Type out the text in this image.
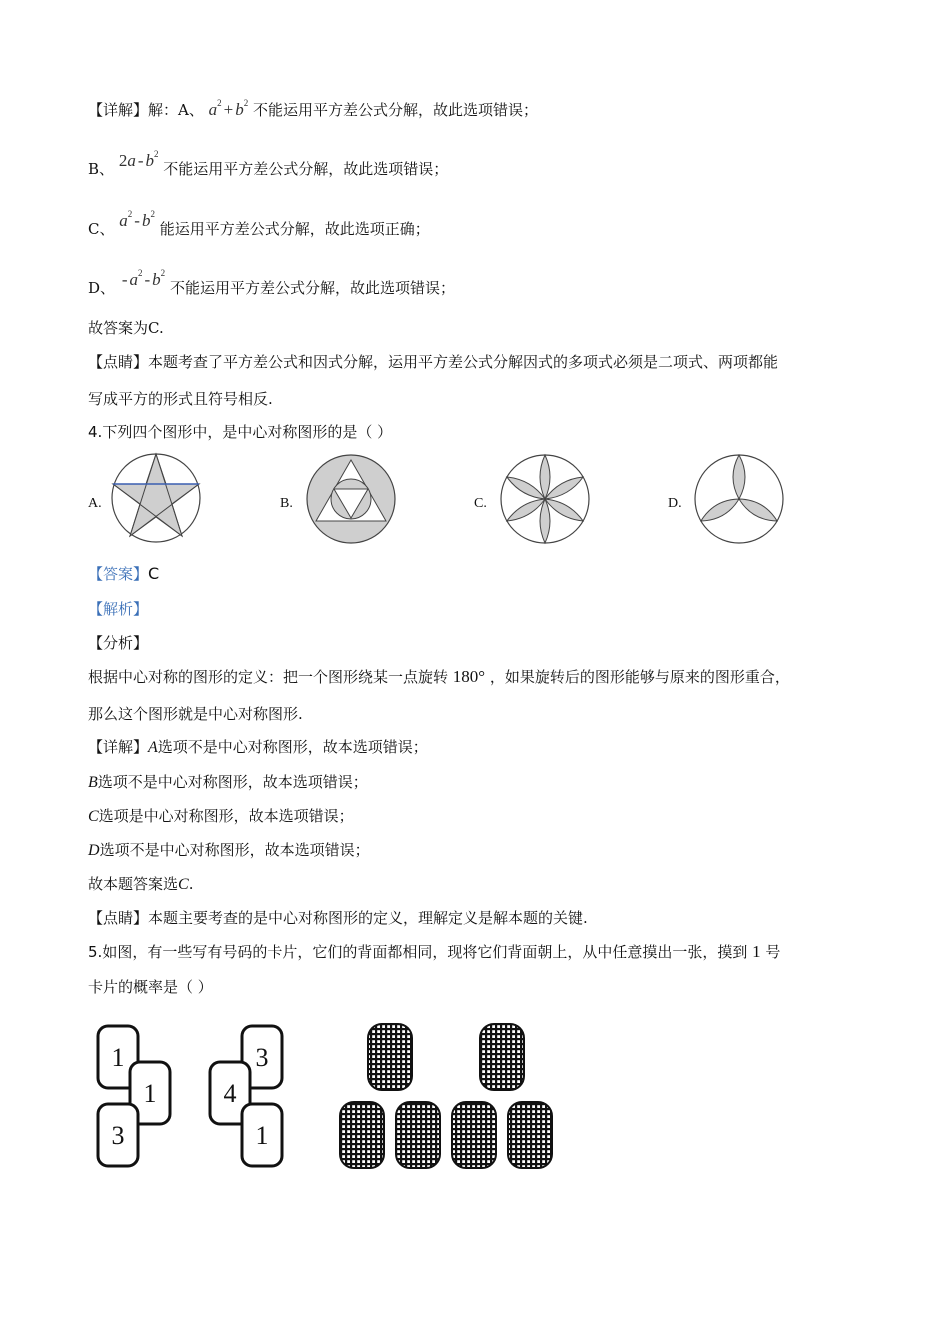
【详解】解：A、 $a^2 + b^2$ 不能运用平方差公式分解，故此选项错误；
B、 $2a - b^2$ 不能运用平方差公式分解，故此选项错误；
C、 $a^2 - b^2$ 能运用平方差公式分解，故此选项正确；
D、 - $a^2 - b^2$ 不能运用平方差公式分解，故此选项错误；
故答案为C.
【点睛】本题考查了平方差公式和因式分解，运用平方差公式分解因式的多项式必须是二项式、两项都能
写成平方的形式且符号相反.
4.下列四个图形中，是中心对称图形的是（ ）
A.	B.	C.	D.
【答案】C
【解析】
【分析】
根据中心对称的图形的定义：把一个图形绕某一点旋转 180° ，如果旋转后的图形能够与原来的图形重合，
那么这个图形就是中心对称图形.
【详解】A选项不是中心对称图形，故本选项错误；
B选项不是中心对称图形，故本选项错误；
C选项是中心对称图形，故本选项错误；
D选项不是中心对称图形，故本选项错误；
故本题答案选C.
【点睛】本题主要考查的是中心对称图形的定义，理解定义是解本题的关键.
5.如图，有一些写有号码的卡片，它们的背面都相同，现将它们背面朝上，从中任意摸出一张，摸到 1 号
卡片的概率是（ ）
1
1
3
3
4
1
